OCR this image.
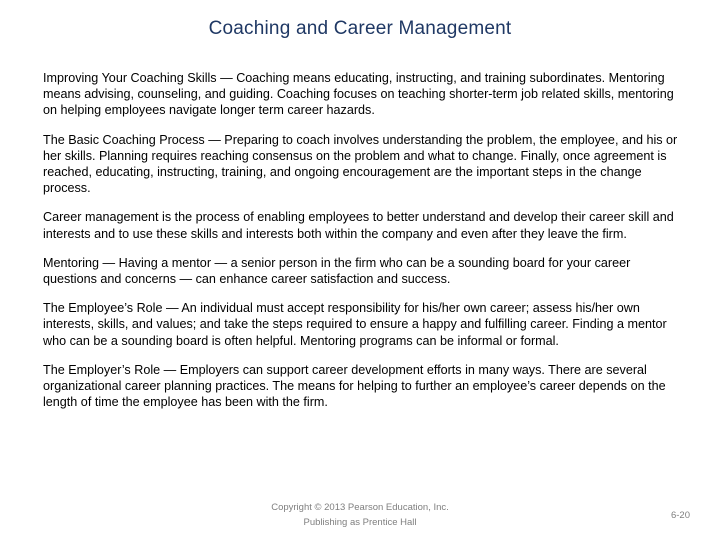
Coaching and Career Management

Improving Your Coaching Skills — Coaching means educating, instructing, and training subordinates. Mentoring means advising, counseling, and guiding. Coaching focuses on teaching shorter-term job related skills, mentoring on helping employees navigate longer term career hazards.

The Basic Coaching Process — Preparing to coach involves understanding the problem, the employee, and his or her skills. Planning requires reaching consensus on the problem and what to change. Finally, once agreement is reached, educating, instructing, training, and ongoing encouragement are the important steps in the change process.

Career management is the process of enabling employees to better understand and develop their career skill and interests and to use these skills and interests both within the company and even after they leave the firm.

Mentoring — Having a mentor — a senior person in the firm who can be a sounding board for your career questions and concerns — can enhance career satisfaction and success.

The Employee’s Role — An individual must accept responsibility for his/her own career; assess his/her own interests, skills, and values; and take the steps required to ensure a happy and fulfilling career. Finding a mentor who can be a sounding board is often helpful. Mentoring programs can be informal or formal.

The Employer’s Role — Employers can support career development efforts in many ways. There are several organizational career planning practices. The means for helping to further an employee’s career depends on the length of time the employee has been with the firm.

Copyright © 2013 Pearson Education, Inc.
Publishing as Prentice Hall
6-20
